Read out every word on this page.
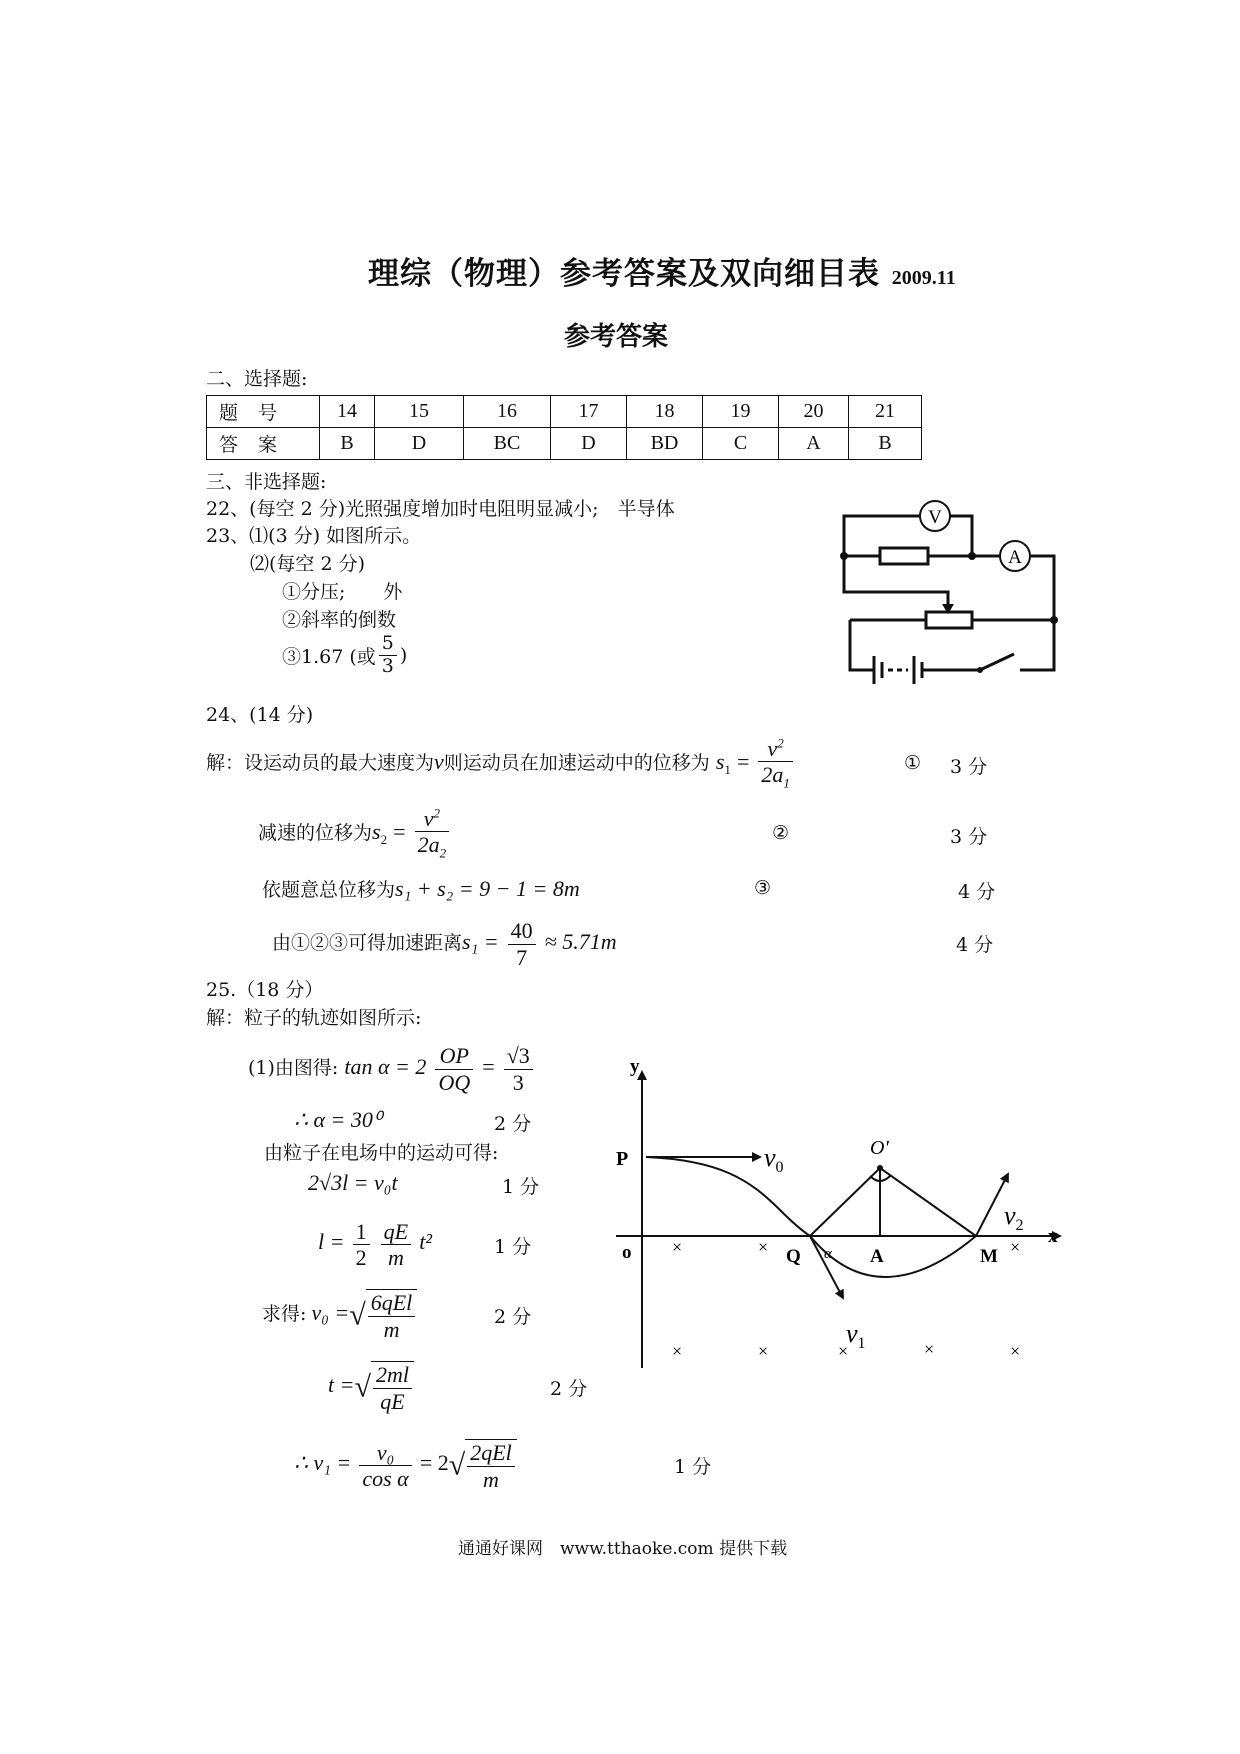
理综（物理）参考答案及双向细目表 2009.11
参考答案
二、选择题:
题号	14	15	16	17	18	19	20	21
答案	B	D	BC	D	BD	C	A	B
三、非选择题:
22、(每空 2 分)光照强度增加时电阻明显减小;　半导体
23、⑴(3 分) 如图所示。
⑵(每空 2 分)
①分压;　　外
②斜率的倒数
③1.67 (或 $\frac{5}{3}$ )
V
A
24、(14 分)
解：设运动员的最大速度为v则运动员在加速运动中的位移为 $s_1 = \frac{v^2}{2a_1}$	① 3 分
减速的位移为$s_2 = \frac{v^2}{2a_2}$	②	3 分
依题意总位移为s₁ + s₂ = 9 − 1 = 8m	③	4 分
由①②③可得加速距离$s_1 = \frac{40}{7} \approx 5.71m$	4 分
25.（18 分）
解：粒子的轨迹如图所示:
(1)由图得: $\tan \alpha = 2 \frac{OP}{OQ} = \frac{√3}{3}$
∴ α = 30⁰	2 分
由粒子在电场中的运动可得:
2√3l = v₀t	1 分
$l = \frac{1}{2}$
$\frac{qE}{m} t^2$	1 分
求得: v₀ =√ $\frac{\text{6qEl}}{m}$	2 分
t =√ $\frac{2ml}{qE}$	2 分
∴ $v_1 = \frac{\text{v₀}}{\text{cos α}} = 2√ \frac{\text{2qEl}}{m}$	1 分
y
x
o
P
Q	A	M
O'
α
$v_0$
$v_1$
$v_2$
×	×	×
×	×	×	×	×
通通好课网　www.tthaoke.com 提供下载
